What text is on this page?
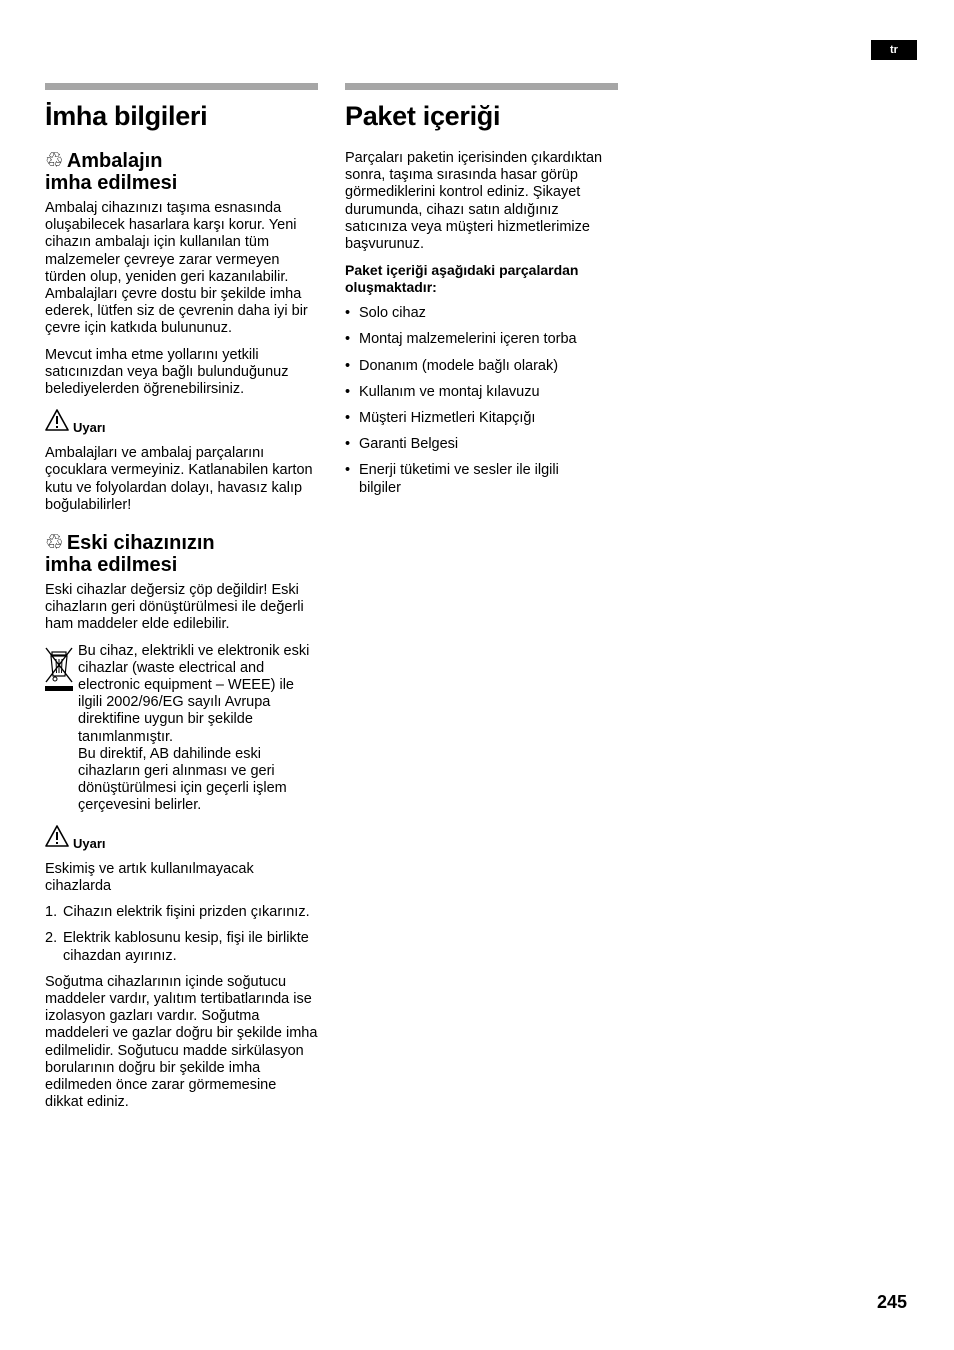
tr
İmha bilgileri
♲ Ambalajın
imha edilmesi

Ambalaj cihazınızı taşıma esnasında oluşabilecek hasarlara karşı korur. Yeni cihazın ambalajı için kullanılan tüm malzemeler çevreye zarar vermeyen türden olup, yeniden geri kazanılabilir. Ambalajları çevre dostu bir şekilde imha ederek, lütfen siz de çevrenin daha iyi bir çevre için katkıda bulununuz.

Mevcut imha etme yollarını yetkili satıcınızdan veya bağlı bulunduğunuz belediyelerden öğrenebilirsiniz.

Uyarı

Ambalajları ve ambalaj parçalarını çocuklara vermeyiniz. Katlanabilen karton kutu ve folyolardan dolayı, havasız kalıp boğulabilirler!

♲ Eski cihazınızın
imha edilmesi

Eski cihazlar değersiz çöp değildir! Eski cihazların geri dönüştürülmesi ile değerli ham maddeler elde edilebilir.

Bu cihaz, elektrikli ve elektronik eski cihazlar (waste electrical and electronic equipment – WEEE) ile ilgili 2002/96/EG sayılı Avrupa direktifine uygun bir şekilde tanımlanmıştır.

Bu direktif, AB dahilinde eski cihazların geri alınması ve geri dönüştürülmesi için geçerli işlem çerçevesini belirler.

Uyarı

Eskimiş ve artık kullanılmayacak cihazlarda

1. Cihazın elektrik fişini prizden çıkarınız.
2. Elektrik kablosunu kesip, fişi ile birlikte cihazdan ayırınız.

Soğutma cihazlarının içinde soğutucu maddeler vardır, yalıtım tertibatlarında ise izolasyon gazları vardır. Soğutma maddeleri ve gazlar doğru bir şekilde imha edilmelidir. Soğutucu madde sirkülasyon borularının doğru bir şekilde imha edilmeden önce zarar görmemesine dikkat ediniz.

Paket içeriği

Parçaları paketin içerisinden çıkardıktan sonra, taşıma sırasında hasar görüp görmediklerini kontrol ediniz. Şikayet durumunda, cihazı satın aldığınız satıcınıza veya müşteri hizmetlerimize başvurunuz.

Paket içeriği aşağıdaki parçalardan oluşmaktadır:

• Solo cihaz
• Montaj malzemelerini içeren torba
• Donanım (modele bağlı olarak)
• Kullanım ve montaj kılavuzu
• Müşteri Hizmetleri Kitapçığı
• Garanti Belgesi
• Enerji tüketimi ve sesler ile ilgili bilgiler
245
